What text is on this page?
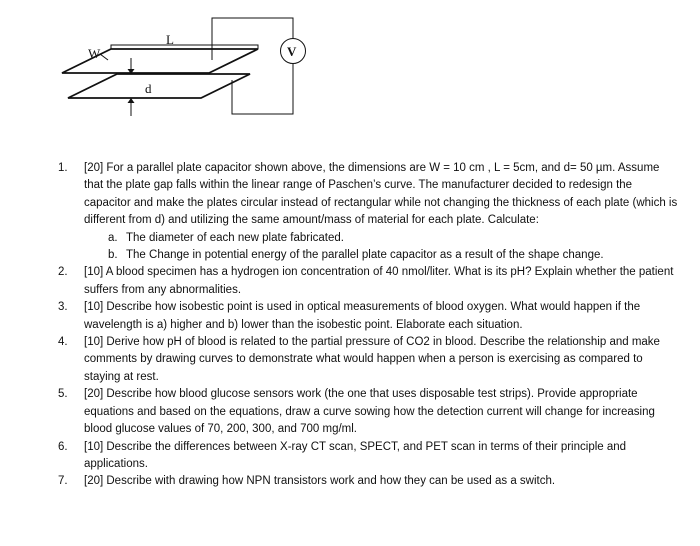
L
W
d
V
1. [20] For a parallel plate capacitor shown above, the dimensions are W = 10 cm , L = 5cm, and d= 50 µm. Assume that the plate gap falls within the linear range of Paschen’s curve. The manufacturer decided to redesign the capacitor and make the plates circular instead of rectangular while not changing the thickness of each plate (which is different from d) and utilizing the same amount/mass of material for each plate. Calculate:
a. The diameter of each new plate fabricated.
b. The Change in potential energy of the parallel plate capacitor as a result of the shape change.
2. [10] A blood specimen has a hydrogen ion concentration of 40 nmol/liter. What is its pH? Explain whether the patient suffers from any abnormalities.
3. [10] Describe how isobestic point is used in optical measurements of blood oxygen. What would happen if the wavelength is a) higher and b) lower than the isobestic point. Elaborate each situation.
4. [10] Derive how pH of blood is related to the partial pressure of CO2 in blood. Describe the relationship and make comments by drawing curves to demonstrate what would happen when a person is exercising as compared to staying at rest.
5. [20] Describe how blood glucose sensors work (the one that uses disposable test strips). Provide appropriate equations and based on the equations, draw a curve sowing how the detection current will change for increasing blood glucose values of 70, 200, 300, and 700 mg/ml.
6. [10] Describe the differences between X-ray CT scan, SPECT, and PET scan in terms of their principle and applications.
7. [20] Describe with drawing how NPN transistors work and how they can be used as a switch.
